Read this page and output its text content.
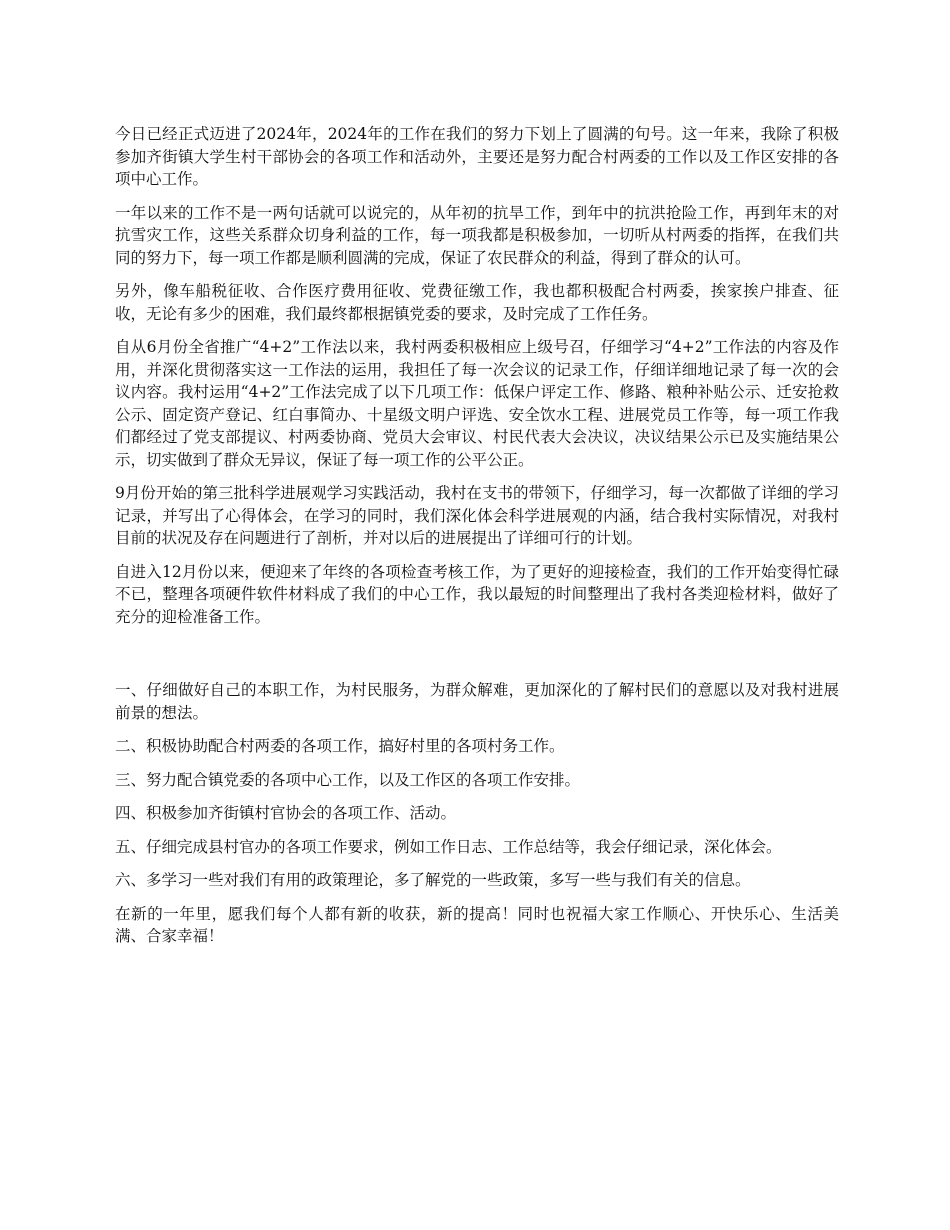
今日已经正式迈进了2024年，2024年的工作在我们的努力下划上了圆满的句号。这一年来，我除了积极参加齐街镇大学生村干部协会的各项工作和活动外，主要还是努力配合村两委的工作以及工作区安排的各项中心工作。

一年以来的工作不是一两句话就可以说完的，从年初的抗旱工作，到年中的抗洪抢险工作，再到年末的对抗雪灾工作，这些关系群众切身利益的工作，每一项我都是积极参加，一切听从村两委的指挥，在我们共同的努力下，每一项工作都是顺利圆满的完成，保证了农民群众的利益，得到了群众的认可。

另外，像车船税征收、合作医疗费用征收、党费征缴工作，我也都积极配合村两委，挨家挨户排查、征收，无论有多少的困难，我们最终都根据镇党委的要求，及时完成了工作任务。

自从6月份全省推广“4+2”工作法以来，我村两委积极相应上级号召，仔细学习“4+2”工作法的内容及作用，并深化贯彻落实这一工作法的运用，我担任了每一次会议的记录工作，仔细详细地记录了每一次的会议内容。我村运用“4+2”工作法完成了以下几项工作：低保户评定工作、修路、粮种补贴公示、迁安抢救公示、固定资产登记、红白事简办、十星级文明户评选、安全饮水工程、进展党员工作等，每一项工作我们都经过了党支部提议、村两委协商、党员大会审议、村民代表大会决议，决议结果公示已及实施结果公示，切实做到了群众无异议，保证了每一项工作的公平公正。

9月份开始的第三批科学进展观学习实践活动，我村在支书的带领下，仔细学习，每一次都做了详细的学习记录，并写出了心得体会，在学习的同时，我们深化体会科学进展观的内涵，结合我村实际情况，对我村目前的状况及存在问题进行了剖析，并对以后的进展提出了详细可行的计划。

自进入12月份以来，便迎来了年终的各项检查考核工作，为了更好的迎接检查，我们的工作开始变得忙碌不已，整理各项硬件软件材料成了我们的中心工作，我以最短的时间整理出了我村各类迎检材料，做好了充分的迎检准备工作。

一、仔细做好自己的本职工作，为村民服务，为群众解难，更加深化的了解村民们的意愿以及对我村进展前景的想法。

二、积极协助配合村两委的各项工作，搞好村里的各项村务工作。

三、努力配合镇党委的各项中心工作，以及工作区的各项工作安排。

四、积极参加齐街镇村官协会的各项工作、活动。

五、仔细完成县村官办的各项工作要求，例如工作日志、工作总结等，我会仔细记录，深化体会。

六、多学习一些对我们有用的政策理论，多了解党的一些政策，多写一些与我们有关的信息。

在新的一年里，愿我们每个人都有新的收获，新的提高！同时也祝福大家工作顺心、开快乐心、生活美满、合家幸福！
